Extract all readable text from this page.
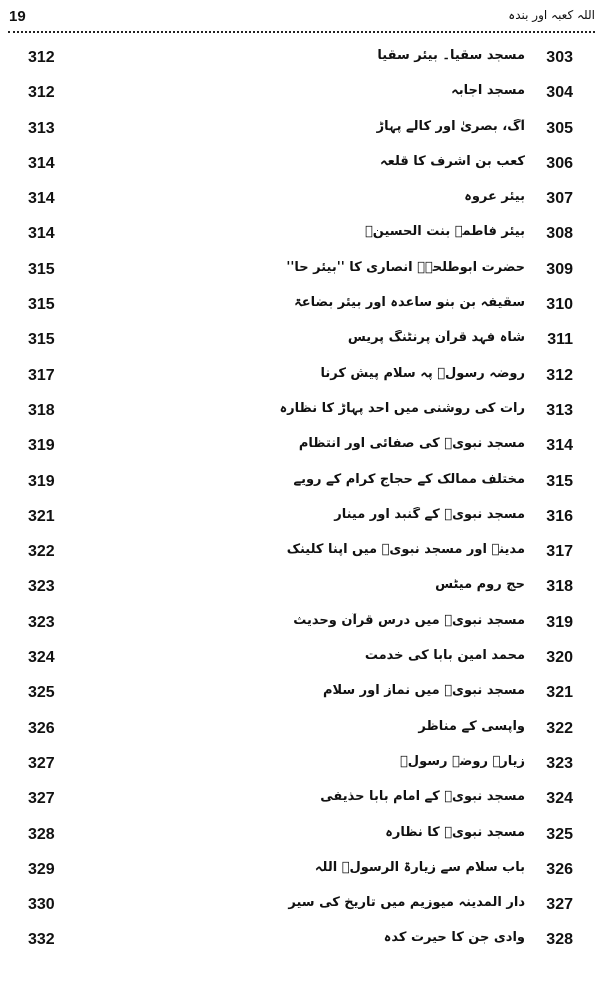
19	اللہ کعبہ اور بندہ
312	مسجد سقیا۔ بیئر سقیا 303
312	مسجد اجابہ 304
313	آگ، بصریٰ اور کالے پہاڑ 305
314	کعب بن اشرف کا قلعہ 306
314	بیئر عروہ 307
314	بیئر فاطمہ بنت الحسینؓ 308
315	حضرت ابوطلحہؓ انصاری کا ''بیئر حا'' 309
315	سقیفہ بن بنو ساعدہ اور بیئر بضاعۃ 310
315	شاہ فہد قرآن پرنٹنگ پریس 311
317	روضہ رسولؐ پہ سلام پیش کرنا 312
318	رات کی روشنی میں احد پہاڑ کا نظارہ 313
319	مسجد نبویؐ کی صفائی اور انتظام 314
319	مختلف ممالک کے حجاج کرام کے رویے 315
321	مسجد نبویؐ کے گنبد اور مینار 316
322	مدینہ اور مسجد نبویؐ میں اپنا کلینک 317
323	حج روم میٹس 318
323	مسجد نبویؐ میں درس قرآن وحدیث 319
324	محمد امین بابا کی خدمت 320
325	مسجد نبویؐ میں نماز اور سلام 321
326	واپسی کے مناظر 322
327	زیارۃ روضہ رسولؐ 323
327	مسجد نبویؐ کے امام بابا حذیفی 324
328	مسجد نبویؐ کا نظارہ 325
329	باب سلام سے زیارۃ الرسولؐ اللہ 326
330	دار المدینہ میوزیم میں تاریخ کی سیر 327
332	وادی جن کا حیرت کدہ 328
